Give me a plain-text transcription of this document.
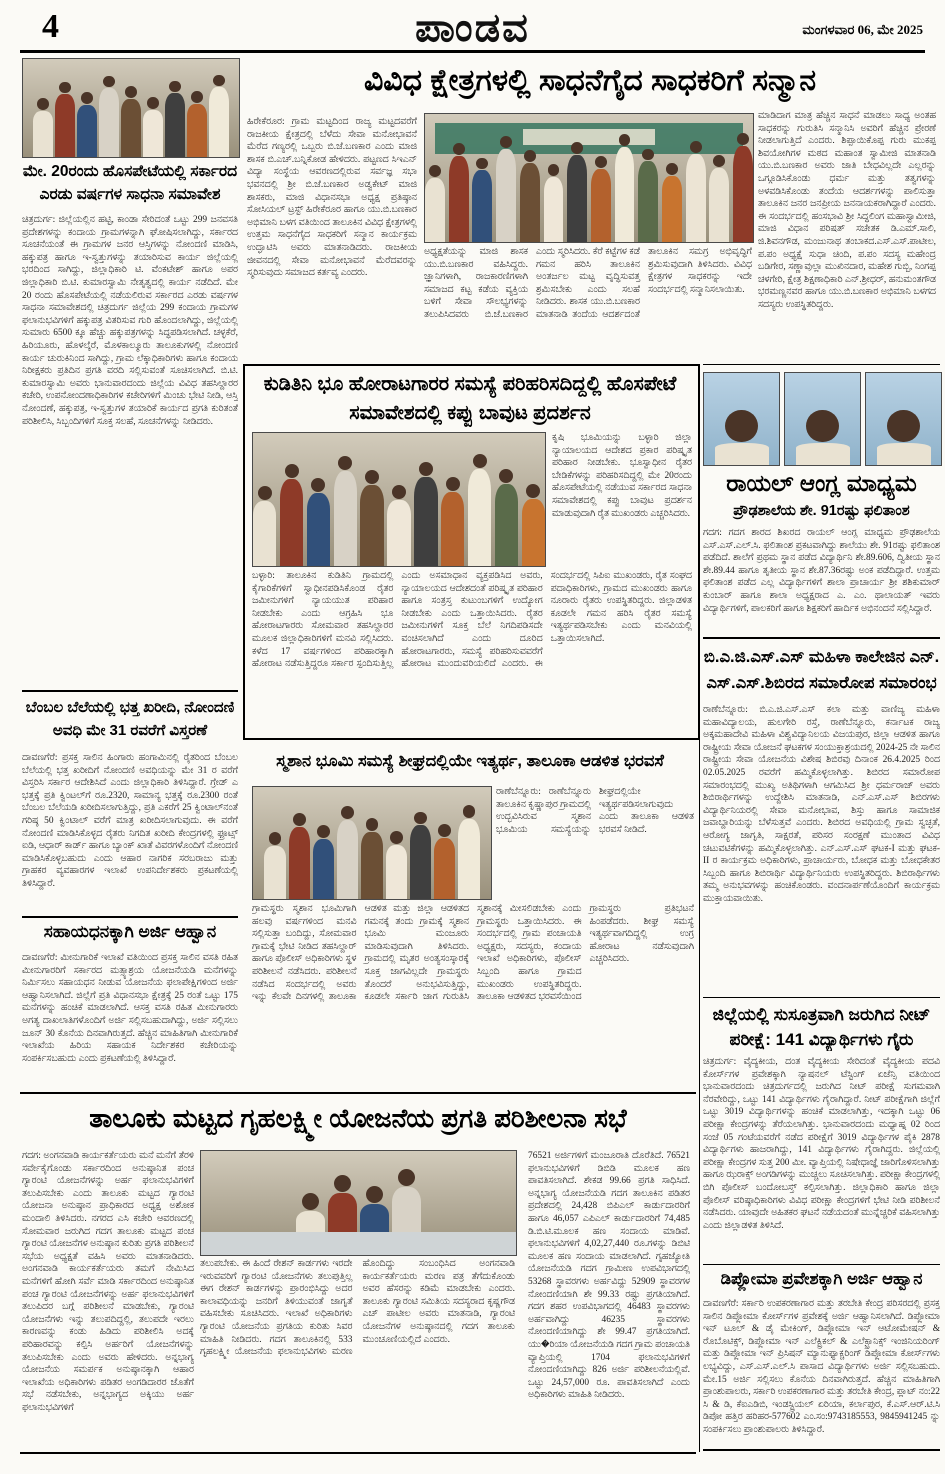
4	ಪಾಂಡವ	ಮಂಗಳವಾರ 06, ಮೇ 2025
ಮೇ. 20ರಂದು ಹೊಸಪೇಟೆಯಲ್ಲಿ ಸರ್ಕಾರದ ಎರಡು ವರ್ಷಗಳ ಸಾಧನಾ ಸಮಾವೇಶ
ಚಿತ್ರದುರ್ಗ: ಜಿಲ್ಲೆಯಲ್ಲಿನ ಹಟ್ಟಿ, ಕಾಂಡಾ ಸೇರಿದಂತೆ ಒಟ್ಟು 299 ಜನವಸತಿ ಪ್ರದೇಶಗಳನ್ನು ಕಂದಾಯ ಗ್ರಾಮಗಳನ್ನಾಗಿ ಘೋಷಿಸಲಾಗಿದ್ದು, ಸರ್ಕಾರದ ಸೂಚನೆಯಂತೆ ಈ ಗ್ರಾಮಗಳ ಜನರ ಆಸ್ತಿಗಳನ್ನು ನೋಂದಣಿ ಮಾಡಿಸಿ, ಹಕ್ಕುಪತ್ರ ಹಾಗೂ ಇ-ಸ್ವತ್ತುಗಳನ್ನು ತಯಾರಿಸುವ ಕಾರ್ಯ ಜಿಲ್ಲೆಯಲ್ಲಿ ಭರದಿಂದ ಸಾಗಿದ್ದು, ಜಿಲ್ಲಾಧಿಕಾರಿ ಟಿ. ವೆಂಕಟೇಶ್ ಹಾಗೂ ಅಪರ ಜಿಲ್ಲಾಧಿಕಾರಿ ಬಿ.ಟಿ. ಕುಮಾರಸ್ವಾಮಿ ನೇತೃತ್ವದಲ್ಲಿ ಕಾರ್ಯ ನಡೆದಿದೆ. ಮೇ 20 ರಂದು ಹೊಸಪೇಟೆಯಲ್ಲಿ ನಡೆಯಲಿರುವ ಸರ್ಕಾರದ ಎರಡು ವರ್ಷಗಳ ಸಾಧನಾ ಸಮಾವೇಶದಲ್ಲಿ ಚಿತ್ರದುರ್ಗ ಜಿಲ್ಲೆಯ 299 ಕಂದಾಯ ಗ್ರಾಮಗಳ ಫಲಾನುಭವಿಗಳಿಗೆ ಹಕ್ಕುಪತ್ರ ವಿತರಿಸುವ ಗುರಿ ಹೊಂದಲಾಗಿದ್ದು, ಜಿಲ್ಲೆಯಲ್ಲಿ ಸುಮಾರು 6500 ಕ್ಕೂ ಹೆಚ್ಚು ಹಕ್ಕುಪತ್ರಗಳನ್ನು ಸಿದ್ಧಪಡಿಸಲಾಗಿದೆ. ಚಳ್ಳಕೆರೆ, ಹಿರಿಯೂರು, ಹೊಳಲ್ಕೆರೆ, ಮೊಳಕಾಲ್ಮೂರು ತಾಲೂಕುಗಳಲ್ಲಿ ನೋಂದಣಿ ಕಾರ್ಯ ಚುರುಕಿನಿಂದ ಸಾಗಿದ್ದು, ಗ್ರಾಮ ಲೆಕ್ಕಾಧಿಕಾರಿಗಳು ಹಾಗೂ ಕಂದಾಯ ನಿರೀಕ್ಷಕರು ಪ್ರತಿದಿನ ಪ್ರಗತಿ ವರದಿ ಸಲ್ಲಿಸುವಂತೆ ಸೂಚಿಸಲಾಗಿದೆ. ಬಿ.ಟಿ. ಕುಮಾರಸ್ವಾಮಿ ಅವರು ಭಾನುವಾರದಂದು ಜಿಲ್ಲೆಯ ವಿವಿಧ ತಹಸಿಲ್ದಾರರ ಕಚೇರಿ, ಉಪನೋಂದಣಾಧಿಕಾರಿಗಳ ಕಚೇರಿಗಳಿಗೆ ಮಿಂಚು ಭೇಟಿ ನೀಡಿ, ಆಸ್ತಿ ನೋಂದಣೆ, ಹಕ್ಕುಪತ್ರ, ಇ-ಸ್ವತ್ತುಗಳ ತಯಾರಿಕೆ ಕಾರ್ಯದ ಪ್ರಗತಿ ಕುರಿತಂತೆ ಪರಿಶೀಲಿಸಿ, ಸಿಬ್ಬಂದಿಗಳಿಗೆ ಸೂಕ್ತ ಸಲಹೆ, ಸೂಚನೆಗಳನ್ನು ನೀಡಿದರು.
ಬೆಂಬಲ ಬೆಲೆಯಲ್ಲಿ ಭತ್ತ ಖರೀದಿ, ನೋಂದಣಿ ಅವಧಿ ಮೇ 31 ರವರೆಗೆ ವಿಸ್ತರಣೆ
ದಾವಣಗೆರೆ: ಪ್ರಸಕ್ತ ಸಾಲಿನ ಹಿಂಗಾರು ಹಂಗಾಮಿನಲ್ಲಿ ರೈತರಿಂದ ಬೆಂಬಲ ಬೆಲೆಯಲ್ಲಿ ಭತ್ತ ಖರೀದಿಗೆ ನೋಂದಣಿ ಅವಧಿಯನ್ನು ಮೇ 31 ರ ವರೆಗೆ ವಿಸ್ತರಿಸಿ ಸರ್ಕಾರ ಆದೇಶಿಸಿದೆ ಎಂದು ಜಿಲ್ಲಾಧಿಕಾರಿ ತಿಳಿಸಿದ್ದಾರೆ. ಗ್ರೇಡ್ ಎ ಭತ್ತಕ್ಕೆ ಪ್ರತಿ ಕ್ವಿಂಟಲ್‌ಗೆ ರೂ.2320, ಸಾಮಾನ್ಯ ಭತ್ತಕ್ಕೆ ರೂ.2300 ರಂತೆ ಬೆಂಬಲ ಬೆಲೆಯಡಿ ಖರೀದಿಸಲಾಗುತ್ತಿದ್ದು, ಪ್ರತಿ ಎಕರೆಗೆ 25 ಕ್ವಿಂಟಾಲ್‌ನಂತೆ ಗರಿಷ್ಠ 50 ಕ್ವಿಂಟಾಲ್ ವರೆಗೆ ಮಾತ್ರ ಖರೀದಿಸಲಾಗುವುದು. ಈ ವರೆಗೆ ನೋಂದಣಿ ಮಾಡಿಸಿಕೊಳ್ಳದ ರೈತರು ನಿಗದಿತ ಖರೀದಿ ಕೇಂದ್ರಗಳಲ್ಲಿ ಫ್ರೂಟ್ಸ್ ಐಡಿ, ಆಧಾರ್ ಕಾರ್ಡ್ ಹಾಗೂ ಬ್ಯಾಂಕ್ ಖಾತೆ ವಿವರಗಳೊಂದಿಗೆ ನೋಂದಣಿ ಮಾಡಿಸಿಕೊಳ್ಳಬಹುದು ಎಂದು ಆಹಾರ ನಾಗರಿಕ ಸರಬರಾಜು ಮತ್ತು ಗ್ರಾಹಕರ ವ್ಯವಹಾರಗಳ ಇಲಾಖೆ ಉಪನಿರ್ದೇಶಕರು ಪ್ರಕಟಣೆಯಲ್ಲಿ ತಿಳಿಸಿದ್ದಾರೆ.
ಸಹಾಯಧನಕ್ಕಾಗಿ ಅರ್ಜಿ ಆಹ್ವಾನ
ದಾವಣಗೆರೆ: ಮೀನುಗಾರಿಕೆ ಇಲಾಖೆ ವತಿಯಿಂದ ಪ್ರಸಕ್ತ ಸಾಲಿನ ವಸತಿ ರಹಿತ ಮೀನುಗಾರರಿಗೆ ಸರ್ಕಾರದ ಮತ್ಸ್ಯಾಶ್ರಯ ಯೋಜನೆಯಡಿ ಮನೆಗಳನ್ನು ನಿರ್ಮಿಸಲು ಸಹಾಯಧನ ನೀಡುವ ಯೋಜನೆಯ ಫಲಾಪೇಕ್ಷಿಗಳಿಂದ ಅರ್ಜಿ ಆಹ್ವಾನಿಸಲಾಗಿದೆ. ಜಿಲ್ಲೆಗೆ ಪ್ರತಿ ವಿಧಾನಸಭಾ ಕ್ಷೇತ್ರಕ್ಕೆ 25 ರಂತೆ ಒಟ್ಟು 175 ಮನೆಗಳನ್ನು ಹಂಚಿಕೆ ಮಾಡಲಾಗಿದೆ. ಆಸಕ್ತ ವಸತಿ ರಹಿತ ಮೀನುಗಾರರು ಅಗತ್ಯ ದಾಖಲಾತಿಗಳೊಂದಿಗೆ ಅರ್ಜಿ ಸಲ್ಲಿಸಬಹುದಾಗಿದ್ದು, ಅರ್ಜಿ ಸಲ್ಲಿಸಲು ಜೂನ್ 30 ಕೊನೆಯ ದಿನವಾಗಿರುತ್ತದೆ. ಹೆಚ್ಚಿನ ಮಾಹಿತಿಗಾಗಿ ಮೀನುಗಾರಿಕೆ ಇಲಾಖೆಯ ಹಿರಿಯ ಸಹಾಯಕ ನಿರ್ದೇಶಕರ ಕಚೇರಿಯನ್ನು ಸಂಪರ್ಕಿಸಬಹುದು ಎಂದು ಪ್ರಕಟಣೆಯಲ್ಲಿ ತಿಳಿಸಿದ್ದಾರೆ.
ವಿವಿಧ ಕ್ಷೇತ್ರಗಳಲ್ಲಿ ಸಾಧನೆಗೈದ ಸಾಧಕರಿಗೆ ಸನ್ಮಾನ
ಹಿರೇಕೆರೂರ: ಗ್ರಾಮ ಮಟ್ಟದಿಂದ ರಾಜ್ಯ ಮಟ್ಟದವರೆಗೆ ರಾಜಕೀಯ ಕ್ಷೇತ್ರದಲ್ಲಿ ಬೆಳೆದು ಸೇವಾ ಮನೋಭಾವನೆ ಮೆರೆದ ಗಣ್ಯರಲ್ಲಿ ಒಬ್ಬರು ಬಿ.ಜೆ.ಬಣಕಾರ ಎಂದು ಮಾಜಿ ಶಾಸಕ ಬಿ.ಎಚ್.ಬನ್ನಿಕೋಡ ಹೇಳಿದರು. ಪಟ್ಟಣದ ಸಿಇಎನ್ ವಿದ್ಯಾ ಸಂಸ್ಥೆಯ ಆವರಣದಲ್ಲಿರುವ ಸರ್ವಜ್ಞ ಸಭಾ ಭವನದಲ್ಲಿ ಶ್ರೀ ಬಿ.ಜೆ.ಬಣಕಾರ ಅಡ್ವಕೇಟ್ ಮಾಜಿ ಶಾಸಕರು, ಮಾಜಿ ವಿಧಾನಸಭಾ ಅಧ್ಯಕ್ಷ ಪ್ರತಿಷ್ಠಾನ ಸೋಸಿಯಲ್ ಟ್ರಸ್ಟ್ ಹಿರೇಕೆರೂರ ಹಾಗೂ ಯು.ಬಿ.ಬಣಕಾರ ಅಭಿಮಾನಿ ಬಳಗ ವತಿಯಿಂದ ತಾಲೂಕಿನ ವಿವಿಧ ಕ್ಷೇತ್ರಗಳಲ್ಲಿ ಉತ್ತಮ ಸಾಧನೆಗೈದ ಸಾಧಕರಿಗೆ ಸನ್ಮಾನ ಕಾರ್ಯಕ್ರಮ ಉದ್ಘಾಟಿಸಿ ಅವರು ಮಾತನಾಡಿದರು. ರಾಜಕೀಯ ಜೀವನದಲ್ಲಿ ಸೇವಾ ಮನೋಭಾವನೆ ಮೆರೆದವರನ್ನು ಸ್ಮರಿಸುವುದು ಸಮಾಜದ ಕರ್ತವ್ಯ ಎಂದರು.
ಅಧ್ಯಕ್ಷತೆಯನ್ನು ಮಾಜಿ ಶಾಸಕ ಯು.ಬಿ.ಬಣಕಾರ ವಹಿಸಿದ್ದರು. ಜ್ಞಾನಿಗಳಾಗಿ, ರಾಜಕಾರಣಿಗಳಾಗಿ ಸಮಾಜದ ಕಟ್ಟ ಕಡೆಯ ವ್ಯಕ್ತಿಯ ಬಳಿಗೆ ಸೇವಾ ಸೌಲಭ್ಯಗಳನ್ನು ತಲುಪಿಸಿದವರು ಬಿ.ಜೆ.ಬಣಕಾರ ಎಂದು ಸ್ಮರಿಸಿದರು. ಕೆರೆ ಕಟ್ಟೆಗಳ ಕಡೆ ಗಮನ ಹರಿಸಿ ತಾಲೂಕಿನ ಅಂತರ್ಜಲ ಮಟ್ಟ ವೃದ್ಧಿಸುವತ್ತ ಶ್ರಮಿಸಬೇಕು ಎಂದು ಸಲಹೆ ನೀಡಿದರು. ಶಾಸಕ ಯು.ಬಿ.ಬಣಕಾರ ಮಾತನಾಡಿ ತಂದೆಯ ಆದರ್ಶದಂತೆ ತಾಲೂಕಿನ ಸಮಗ್ರ ಅಭಿವೃದ್ಧಿಗೆ ಶ್ರಮಿಸುವುದಾಗಿ ತಿಳಿಸಿದರು. ವಿವಿಧ ಕ್ಷೇತ್ರಗಳ ಸಾಧಕರನ್ನು ಇದೇ ಸಂದರ್ಭದಲ್ಲಿ ಸನ್ಮಾನಿಸಲಾಯಿತು.
ಮಾಡಿದಾಗ ಮಾತ್ರ ಹೆಚ್ಚಿನ ಸಾಧನೆ ಮಾಡಲು ಸಾಧ್ಯ ಅಂತಹ ಸಾಧಕರನ್ನು ಗುರುತಿಸಿ ಸನ್ಮಾನಿಸಿ ಅವರಿಗೆ ಹೆಚ್ಚಿನ ಪ್ರೇರಣೆ ನೀಡಲಾಗುತ್ತಿದೆ ಎಂದರು. ಶಿಪ್ಪಾಯಿಕೊಪ್ಪ ಗುರು ಮುಕಪ್ಪ ಶಿವಯೋಗಿಗಳ ಮಠದ ಮಹಾಂತ ಸ್ವಾಮೀಜಿ ಮಾತನಾಡಿ ಯು.ಬಿ.ಬಣಕಾರ ಅವರು ಜಾತಿ ಬೇಧವಿಲ್ಲದೇ ಎಲ್ಲರನ್ನು ಒಗ್ಗೂಡಿಸಿಕೊಂಡು ಧರ್ಮ ಮತ್ತು ತತ್ವಗಳನ್ನು ಅಳವಡಿಸಿಕೊಂಡು ತಂದೆಯ ಆದರ್ಶಗಳನ್ನು ಪಾಲಿಸುತ್ತಾ ತಾಲೂಕಿನ ಜನರ ಜನಪ್ರೀಯ ಜನನಾಯಕರಾಗಿದ್ದಾರೆ ಎಂದರು. ಈ ಸಂದರ್ಭದಲ್ಲಿ ಹಂಸಭಾವಿ ಶ್ರೀ ಸಿದ್ಧಲಿಂಗ ಮಹಾಸ್ವಾಮೀಜಿ, ಮಾಜಿ ವಿಧಾನ ಪರಿಷತ್ ಸಚೇತಕ ಡಿ.ಎಮ್.ಸಾಲಿ, ಜಿ.ಶಿವನಗೌಡ, ಮಂಜುನಾಥ ತಂಬಾಕದ.ಎಸ್.ಎಸ್.ಪಾಟೀಲ, ಪ.ಪಂ ಅಧ್ಯಕ್ಷೆ ಸುಧಾ ಚಿಂದಿ, ಪ.ಪಂ ಸದಸ್ಯ ಮಹೇಂದ್ರ ಬಡಿಗೇರ, ಸಣ್ಣಾವುಲ್ಲಾ ಮುಖಿನದಾರ, ಮಹೇಶ ಗುಬ್ಬಿ, ನಿಂಗಪ್ಪ ಚಳಗೇರಿ, ಕ್ಷೇತ್ರ ಶಿಕ್ಷಣಾಧಿಕಾರಿ ಎನ್.ಶ್ರೀಧರ್, ಹನುಮಂತಗೌಡ ಭರಮಣ್ಣನವರ ಹಾಗೂ ಯು.ಬಿ.ಬಣಕಾರ ಅಭಿಮಾನಿ ಬಳಗದ ಸದಸ್ಯರು ಉಪಸ್ಥಿತರಿದ್ದರು.
ಕುಡಿತಿನಿ ಭೂ ಹೋರಾಟಗಾರರ ಸಮಸ್ಯೆ ಪರಿಹರಿಸದಿದ್ದಲ್ಲಿ ಹೊಸಪೇಟೆ ಸಮಾವೇಶದಲ್ಲಿ ಕಪ್ಪು ಬಾವುಟ ಪ್ರದರ್ಶನ
ಕೃಷಿ ಭೂಮಿಯನ್ನು ಬಳ್ಳಾರಿ ಜಿಲ್ಲಾ ನ್ಯಾಯಾಲಯದ ಆದೇಶದ ಪ್ರಕಾರ ಪರಿಷ್ಕೃತ ಪರಿಹಾರ ನೀಡಬೇಕು. ಭೂಸ್ವಾಧೀನ ರೈತರ ಬೇಡಿಕೆಗಳನ್ನು ಪರಿಹರಿಸದಿದ್ದಲ್ಲಿ ಮೇ 20ರಂದು ಹೊಸಪೇಟೆಯಲ್ಲಿ ನಡೆಯುವ ಸರ್ಕಾರದ ಸಾಧನಾ ಸಮಾವೇಶದಲ್ಲಿ ಕಪ್ಪು ಬಾವುಟ ಪ್ರದರ್ಶನ ಮಾಡುವುದಾಗಿ ರೈತ ಮುಖಂಡರು ಎಚ್ಚರಿಸಿದರು.
ಬಳ್ಳಾರಿ: ತಾಲೂಕಿನ ಕುಡಿತಿನಿ ಗ್ರಾಮದಲ್ಲಿ ಕೈಗಾರಿಕೆಗಳಿಗೆ ಸ್ವಾಧೀನಪಡಿಸಿಕೊಂಡ ರೈತರ ಜಮೀನುಗಳಿಗೆ ನ್ಯಾಯಯುತ ಪರಿಹಾರ ನೀಡಬೇಕು ಎಂದು ಆಗ್ರಹಿಸಿ ಭೂ ಹೋರಾಟಗಾರರು ಸೋಮವಾರ ತಹಸಿಲ್ದಾರರ ಮೂಲಕ ಜಿಲ್ಲಾಧಿಕಾರಿಗಳಿಗೆ ಮನವಿ ಸಲ್ಲಿಸಿದರು. ಕಳೆದ 17 ವರ್ಷಗಳಿಂದ ಪರಿಹಾರಕ್ಕಾಗಿ ಹೋರಾಟ ನಡೆಸುತ್ತಿದ್ದರೂ ಸರ್ಕಾರ ಸ್ಪಂದಿಸುತ್ತಿಲ್ಲ ಎಂದು ಅಸಮಾಧಾನ ವ್ಯಕ್ತಪಡಿಸಿದ ಅವರು, ನ್ಯಾಯಾಲಯದ ಆದೇಶದಂತೆ ಪರಿಷ್ಕೃತ ಪರಿಹಾರ ಹಾಗೂ ಸಂತ್ರಸ್ತ ಕುಟುಂಬಗಳಿಗೆ ಉದ್ಯೋಗ ನೀಡಬೇಕು ಎಂದು ಒತ್ತಾಯಿಸಿದರು. ರೈತರ ಜಮೀನುಗಳಿಗೆ ಸೂಕ್ತ ಬೆಲೆ ನಿಗದಿಪಡಿಸದೇ ವಂಚಿಸಲಾಗಿದೆ ಎಂದು ದೂರಿದ ಹೋರಾಟಗಾರರು, ಸಮಸ್ಯೆ ಪರಿಹರಿಸುವವರೆಗೆ ಹೋರಾಟ ಮುಂದುವರಿಯಲಿದೆ ಎಂದರು. ಈ ಸಂದರ್ಭದಲ್ಲಿ ಸಿಪಿಐ ಮುಖಂಡರು, ರೈತ ಸಂಘದ ಪದಾಧಿಕಾರಿಗಳು, ಗ್ರಾಮದ ಮುಖಂಡರು ಹಾಗೂ ನೂರಾರು ರೈತರು ಉಪಸ್ಥಿತರಿದ್ದರು. ಜಿಲ್ಲಾಡಳಿತ ಕೂಡಲೇ ಗಮನ ಹರಿಸಿ ರೈತರ ಸಮಸ್ಯೆ ಇತ್ಯರ್ಥಪಡಿಸಬೇಕು ಎಂದು ಮನವಿಯಲ್ಲಿ ಒತ್ತಾಯಿಸಲಾಗಿದೆ.
ಸ್ಮಶಾನ ಭೂಮಿ ಸಮಸ್ಯೆ ಶೀಘ್ರದಲ್ಲಿಯೇ ಇತ್ಯರ್ಥ, ತಾಲೂಕಾ ಆಡಳಿತ ಭರವಸೆ
ರಾಣೆಬೆನ್ನೂರು: ರಾಣೆಬೆನ್ನೂರು ತಾಲೂಕಿನ ಕೃಷ್ಣಾಪುರ ಗ್ರಾಮದಲ್ಲಿ ಉದ್ಭವಿಸಿರುವ ಸ್ಮಶಾನ ಭೂಮಿಯ ಸಮಸ್ಯೆಯನ್ನು ಶೀಘ್ರದಲ್ಲಿಯೇ ಇತ್ಯರ್ಥಪಡಿಸಲಾಗುವುದು ಎಂದು ತಾಲೂಕಾ ಆಡಳಿತ ಭರವಸೆ ನೀಡಿದೆ.
ಗ್ರಾಮಸ್ಥರು ಸ್ಮಶಾನ ಭೂಮಿಗಾಗಿ ಹಲವು ವರ್ಷಗಳಿಂದ ಮನವಿ ಸಲ್ಲಿಸುತ್ತಾ ಬಂದಿದ್ದು, ಸೋಮವಾರ ಗ್ರಾಮಕ್ಕೆ ಭೇಟಿ ನೀಡಿದ ತಹಸಿಲ್ದಾರ್ ಹಾಗೂ ಪೊಲೀಸ್ ಅಧಿಕಾರಿಗಳು ಸ್ಥಳ ಪರಿಶೀಲನೆ ನಡೆಸಿದರು. ಪರಿಶೀಲನೆ ನಡೆಸಿದ ಸಂದರ್ಭದಲ್ಲಿ ಅವರು ಇನ್ನು ಕೆಲವೇ ದಿನಗಳಲ್ಲಿ ತಾಲೂಕಾ ಆಡಳಿತ ಮತ್ತು ಜಿಲ್ಲಾ ಆಡಳಿತದ ಗಮನಕ್ಕೆ ತಂದು ಗ್ರಾಮಕ್ಕೆ ಸ್ಮಶಾನ ಭೂಮಿ ಮಂಜೂರು ಮಾಡಿಸುವುದಾಗಿ ತಿಳಿಸಿದರು. ಗ್ರಾಮದಲ್ಲಿ ಮೃತರ ಅಂತ್ಯಸಂಸ್ಕಾರಕ್ಕೆ ಸೂಕ್ತ ಜಾಗವಿಲ್ಲದೇ ಗ್ರಾಮಸ್ಥರು ತೊಂದರೆ ಅನುಭವಿಸುತ್ತಿದ್ದು, ಕೂಡಲೇ ಸರ್ಕಾರಿ ಜಾಗ ಗುರುತಿಸಿ ಸ್ಮಶಾನಕ್ಕೆ ಮೀಸಲಿಡಬೇಕು ಎಂದು ಗ್ರಾಮಸ್ಥರು ಒತ್ತಾಯಿಸಿದರು. ಈ ಸಂದರ್ಭದಲ್ಲಿ ಗ್ರಾಮ ಪಂಚಾಯತಿ ಅಧ್ಯಕ್ಷರು, ಸದಸ್ಯರು, ಕಂದಾಯ ಇಲಾಖೆ ಅಧಿಕಾರಿಗಳು, ಪೊಲೀಸ್ ಸಿಬ್ಬಂದಿ ಹಾಗೂ ಗ್ರಾಮದ ಮುಖಂಡರು ಉಪಸ್ಥಿತರಿದ್ದರು. ತಾಲೂಕಾ ಆಡಳಿತದ ಭರವಸೆಯಿಂದ ಗ್ರಾಮಸ್ಥರು ಪ್ರತಿಭಟನೆ ಹಿಂಪಡೆದರು. ಶೀಘ್ರ ಸಮಸ್ಯೆ ಇತ್ಯರ್ಥವಾಗದಿದ್ದಲ್ಲಿ ಉಗ್ರ ಹೋರಾಟ ನಡೆಸುವುದಾಗಿ ಎಚ್ಚರಿಸಿದರು.
ತಾಲೂಕು ಮಟ್ಟದ ಗೃಹಲಕ್ಷ್ಮೀ ಯೋಜನೆಯ ಪ್ರಗತಿ ಪರಿಶೀಲನಾ ಸಭೆ
ಗದಗ: ಅಂಗನವಾಡಿ ಕಾರ್ಯಕರ್ತೆಯರು ಮನೆ ಮನೆಗೆ ತೆರಳಿ ಸರ್ವೇಕೈಗೊಂಡು ಸರ್ಕಾರದಿಂದ ಅನುಷ್ಠಾನಿತ ಪಂಚ ಗ್ಯಾರಂಟಿ ಯೋಜನೆಗಳನ್ನು ಅರ್ಹ ಫಲಾನುಭವಿಗಳಿಗೆ ತಲುಪಿಸಬೇಕು ಎಂದು ತಾಲೂಕು ಮಟ್ಟದ ಗ್ಯಾರಂಟಿ ಯೋಜನಾ ಅನುಷ್ಠಾನ ಪ್ರಾಧಿಕಾರದ ಅಧ್ಯಕ್ಷ ಅಶೋಕ ಮಂದಾಲಿ ತಿಳಿಸಿದರು. ನಗರದ ಎಸಿ ಕಚೇರಿ ಆವರಣದಲ್ಲಿ ಸೋಮವಾರ ಜರುಗಿದ ಗದಗ ತಾಲೂಕು ಮಟ್ಟದ ಪಂಚ ಗ್ಯಾರಂಟಿ ಯೋಜನೆಗಳ ಅನುಷ್ಠಾನ ಕುರಿತು ಪ್ರಗತಿ ಪರಿಶೀಲನೆ ಸಭೆಯ ಅಧ್ಯಕ್ಷತೆ ವಹಿಸಿ ಅವರು ಮಾತನಾಡಿದರು. ಅಂಗನವಾಡಿ ಕಾರ್ಯಕರ್ತೆಯರು ತಮಗೆ ನೇಮಿಸಿದ ಮನೆಗಳಿಗೆ ಹೋಗಿ ಸರ್ವೆ ಮಾಡಿ ಸರ್ಕಾರದಿಂದ ಅನುಷ್ಠಾನಿತ ಪಂಚ ಗ್ಯಾರಂಟಿ ಯೋಜನೆಗಳನ್ನು ಅರ್ಹ ಫಲಾನುಭವಿಗಳಿಗೆ ತಲುಪಿದರ ಬಗ್ಗೆ ಪರಿಶೀಲನೆ ಮಾಡಬೇಕು, ಗ್ಯಾರಂಟಿ ಯೋಜನೆಗಳು ಇನ್ನು ತಲುಪದಿದ್ದಲ್ಲಿ, ತಲುಪದೇ ಇರಲು ಕಾರಣವನ್ನು ಕಂಡು ಹಿಡಿದು ಪರಿಶೀಲಿಸಿ ಅದಕ್ಕೆ ಪರಿಹಾರವನ್ನು ಕಲ್ಪಿಸಿ ಅರ್ಹರಿಗೆ ಯೋಜನೆಗಳನ್ನು ತಲುಪಿಸಬೇಕು ಎಂದು ಅವರು ಹೇಳಿದರು. ಅನ್ನಭಾಗ್ಯ ಯೋಜನೆಯ ಸಮರ್ಪಕ ಅನುಷ್ಠಾನಕ್ಕಾಗಿ ಆಹಾರ ಇಲಾಖೆಯ ಅಧಿಕಾರಿಗಳು ಪಡಿತರ ಅಂಗಡಿದಾರರ ಜೊತೆಗೆ ಸಭೆ ನಡೆಸಬೇಕು, ಅನ್ನಭಾಗ್ಯದ ಅಕ್ಕಿಯು ಅರ್ಹ ಫಲಾನುಭವಿಗಳಿಗೆ
ತಲುಪಬೇಕು. ಈ ಹಿಂದೆ ರೇಶನ್ ಕಾರ್ಡಗಳು ಇರದೇ ಇರುವವರಿಗೆ ಗ್ಯಾರಂಟಿ ಯೋಜನೆಗಳು ತಲುಪುತ್ತಿಲ್ಲ ಈಗ ರೇಶನ್ ಕಾರ್ಡಗಳನ್ನು ಪ್ರಾರಂಭಿಸಿದ್ದು ಅದರ ಕಾಲಾವಧಿಯನ್ನು ಜನರಿಗೆ ತಿಳಿಯುವಂತೆ ಜಾಗೃತೆ ವಹಿಸಬೇಕು ಸೂಚಿಸಿದರು. ಇಲಾಖೆ ಅಧಿಕಾರಿಗಳು ಗ್ಯಾರಂಟಿ ಯೋಜನೆಯ ಪ್ರಗತಿಯ ಕುರಿತು ಸಿವರ ಮಾಹಿತಿ ನೀಡಿದರು. ಗದಗ ತಾಲೂಕಿನಲ್ಲಿ 533 ಗೃಹಲಕ್ಷ್ಮೀ ಯೋಜನೆಯ ಫಲಾನುಭವಿಗಳು ಮರಣ ಹೊಂದಿದ್ದು ಸಂಬಂಧಿಸಿದ ಅಂಗನವಾಡಿ ಕಾರ್ಯಕರ್ತೆಯರು ಮರಣ ಪತ್ರ ತೆಗೆದುಕೊಂಡು ಅವರ ಹೆಸರನ್ನು ಕಡಿಮೆ ಮಾಡಬೇಕು ಎಂದರು. ತಾಲೂಕು ಗ್ಯಾರಂಟಿ ಸಮಿತಿಯ ಸದಸ್ಯರಾದ ಕೃಷ್ಣಗೌಡ ಎಚ್ ಪಾಟೀಲ ಅವರು ಮಾತನಾಡಿ, ಗ್ಯಾರಂಟಿ ಯೋಜನೆಗಳ ಅನುಷ್ಠಾನದಲ್ಲಿ ಗದಗ ತಾಲೂಕು ಮುಂಚೂಣಿಯಲ್ಲಿದೆ ಎಂದರು.
76521 ಅರ್ಜಿಗಳಿಗೆ ಮಂಜೂರಾತಿ ದೊರೆತಿದೆ. 76521 ಫಲಾನುಭವಿಗಳಿಗೆ ಡಿಬಿಡಿ ಮೂಲಕ ಹಣ ಪಾವತಿಸಲಾಗಿದೆ. ಶೇಕಡ 99.66 ಪ್ರಗತಿ ಸಾಧಿಸಿದೆ. ಅನ್ನಭಾಗ್ಯ ಯೋಜನೆಯಡಿ ಗದಗ ತಾಲೂಕಿನ ಪಡಿತರ ಪ್ರದೇಶದಲ್ಲಿ 24,428 ಬಿಪಿಎಲ್ ಕಾರ್ಡುದಾರರಿಗೆ ಹಾಗೂ 46,057 ಎಪಿಎಲ್ ಕಾರ್ಡುದಾರರಿಗೆ 74,485 ಡಿ.ಬಿ.ಟಿ.ಮೂಲಕ ಹಣ ಸಂದಾಯ ಮಾಡಿವೆ. ಫಲಾನುಭವಿಗಳಿಗೆ 4,02,27,440 ರೂ.ಗಳನ್ನು ಡಿಬಿಟಿ ಮೂಲಕ ಹಣ ಸಂದಾಯ ಮಾಡಲಾಗಿದೆ. ಗೃಹಜ್ಯೋತಿ ಯೋಜನೆಯಡಿ ಗದಗ ಗ್ರಾಮೀಣ ಉಪವಿಭಾಗದಲ್ಲಿ 53268 ಸ್ಥಾವರಗಳು ಅರ್ಹವಿದ್ದು 52909 ಸ್ಥಾವರಗಳ ನೋಂದಣಿಯಾಗಿ ಶೇ 99.33 ರಷ್ಟು ಪ್ರಗತಿಯಾಗಿದೆ. ಗದಗ ಶಹರ ಉಪವಿಭಾಗದಲ್ಲಿ 46483 ಸ್ಥಾವರಗಳು ಅರ್ಹವಾಗಿದ್ದು 46235 ಸ್ಥಾವರಗಳು ನೋಂದಣಿಯಾಗಿದ್ದು ಶೇ 99.47 ಪ್ರಗತಿಯಾಗಿದೆ. ಯು�ರಿಯಾ ಯೋಜನೆಯಡಿ ಗದಗ ಗ್ರಾಮ ಪಂಚಾಯತಿ ವ್ಯಾಪ್ತಿಯಲ್ಲಿ 1704 ಫಲಾನುಭವಿಗಳಿಗೆ ನೋಂದಣಿಯಾಗಿದ್ದು 826 ಅರ್ಜಿ ಪರಿಶೀಲನೆಯಲ್ಲಿವೆ. ಒಟ್ಟು 24,57,000 ರೂ. ಪಾವತಿಸಲಾಗಿದೆ ಎಂದು ಅಧಿಕಾರಿಗಳು ಮಾಹಿತಿ ನೀಡಿದರು.
ರಾಯಲ್ ಆಂಗ್ಲ ಮಾಧ್ಯಮ
ಪ್ರೌಢಶಾಲೆಯ ಶೇ. 91ರಷ್ಟು ಫಲಿತಾಂಶ
ಗದಗ: ಗದಗ ಶಾರದ ಶಿಖರದ ರಾಯಲ್ ಆಂಗ್ಲ ಮಾಧ್ಯಮ ಪ್ರೌಢಶಾಲೆಯ ಎಸ್.ಎಸ್.ಎಲ್.ಸಿ. ಫಲಿತಾಂಶ ಪ್ರಕಟವಾಗಿದ್ದು ಶಾಲೆಯು ಶೇ. 91ರಷ್ಟು ಫಲಿತಾಂಶ ಪಡೆದಿದೆ. ಶಾಲೆಗೆ ಪ್ರಥಮ ಸ್ಥಾನ ಪಡೆದ ವಿದ್ಯಾರ್ಥಿನಿ ಶೇ.89.606, ದ್ವಿತೀಯ ಸ್ಥಾನ ಶೇ.89.44 ಹಾಗೂ ತೃತೀಯ ಸ್ಥಾನ ಶೇ.87.36ರಷ್ಟು ಅಂಕ ಪಡೆದಿದ್ದಾರೆ. ಉತ್ತಮ ಫಲಿತಾಂಶ ಪಡೆದ ಎಲ್ಲ ವಿದ್ಯಾರ್ಥಿಗಳಿಗೆ ಶಾಲಾ ಪ್ರಾಚಾರ್ಯ ಶ್ರೀ ಶಶಿಕುಮಾರ್ ಕುಂಬಾರ್ ಹಾಗೂ ಶಾಲಾ ಅಧ್ಯಕ್ಷರಾದ ಎ. ಎಂ. ಥಾಲಾಯತ್ ಇವರು ವಿದ್ಯಾರ್ಥಿಗಳಿಗೆ, ಪಾಲಕರಿಗೆ ಹಾಗೂ ಶಿಕ್ಷಕರಿಗೆ ಹಾರ್ದಿಕ ಅಭಿನಂದನೆ ಸಲ್ಲಿಸಿದ್ದಾರೆ.
ಬಿ.ಎ.ಜಿ.ಎಸ್.ಎಸ್ ಮಹಿಳಾ ಕಾಲೇಜಿನ ಎನ್. ಎಸ್.ಎಸ್.ಶಿಬಿರದ ಸಮಾರೋಪ ಸಮಾರಂಭ
ರಾಣೆಬೆನ್ನೂರು: ಬಿ.ಎ.ಜಿ.ಎಸ್.ಎಸ್ ಕಲಾ ಮತ್ತು ವಾಣಿಜ್ಯ ಮಹಿಳಾ ಮಹಾವಿದ್ಯಾಲಯ, ಹುಲಗೇರಿ ರಸ್ತೆ, ರಾಣೆಬೆನ್ನೂರು, ಕರ್ನಾಟಕ ರಾಜ್ಯ ಅಕ್ಕಮಹಾದೇವಿ ಮಹಿಳಾ ವಿಶ್ವವಿದ್ಯಾನಿಲಯ ವಿಜಯಪುರ, ಜಿಲ್ಲಾ ಆಡಳಿತ ಹಾಗೂ ರಾಷ್ಟ್ರೀಯ ಸೇವಾ ಯೋಜನೆ ಘಟಕಗಳ ಸಂಯುಕ್ತಾಶ್ರಯದಲ್ಲಿ 2024-25 ನೇ ಸಾಲಿನ ರಾಷ್ಟ್ರೀಯ ಸೇವಾ ಯೋಜನೆಯ ವಿಶೇಷ ಶಿಬಿರವು ದಿನಾಂಕ 26.4.2025 ರಿಂದ 02.05.2025 ರವರೆಗೆ ಹಮ್ಮಿಕೊಳ್ಳಲಾಗಿತ್ತು. ಶಿಬಿರದ ಸಮಾರೋಪ ಸಮಾರಂಭದಲ್ಲಿ ಮುಖ್ಯ ಅತಿಥಿಗಳಾಗಿ ಆಗಮಿಸಿದ ಶ್ರೀ ಧರ್ಮರಾಜ್ ಅವರು ಶಿಬಿರಾರ್ಥಿಗಳನ್ನು ಉದ್ದೇಶಿಸಿ ಮಾತನಾಡಿ, ಎನ್.ಎಸ್.ಎಸ್ ಶಿಬಿರಗಳು ವಿದ್ಯಾರ್ಥಿನಿಯರಲ್ಲಿ ಸೇವಾ ಮನೋಭಾವ, ಶಿಸ್ತು ಹಾಗೂ ಸಾಮಾಜಿಕ ಜವಾಬ್ದಾರಿಯನ್ನು ಬೆಳೆಸುತ್ತವೆ ಎಂದರು. ಶಿಬಿರದ ಅವಧಿಯಲ್ಲಿ ಗ್ರಾಮ ಸ್ವಚ್ಛತೆ, ಆರೋಗ್ಯ ಜಾಗೃತಿ, ಸಾಕ್ಷರತೆ, ಪರಿಸರ ಸಂರಕ್ಷಣೆ ಮುಂತಾದ ವಿವಿಧ ಚಟುವಟಿಕೆಗಳನ್ನು ಹಮ್ಮಿಕೊಳ್ಳಲಾಗಿತ್ತು. ಎನ್.ಎಸ್.ಎಸ್ ಘಟಕ-I ಮತ್ತು ಘಟಕ-II ರ ಕಾರ್ಯಕ್ರಮ ಅಧಿಕಾರಿಗಳು, ಪ್ರಾಚಾರ್ಯರು, ಬೋಧಕ ಮತ್ತು ಬೋಧಕೇತರ ಸಿಬ್ಬಂದಿ ಹಾಗೂ ಶಿಬಿರಾರ್ಥಿ ವಿದ್ಯಾರ್ಥಿನಿಯರು ಉಪಸ್ಥಿತರಿದ್ದರು. ಶಿಬಿರಾರ್ಥಿಗಳು ತಮ್ಮ ಅನುಭವಗಳನ್ನು ಹಂಚಿಕೊಂಡರು. ವಂದನಾರ್ಪಣೆಯೊಂದಿಗೆ ಕಾರ್ಯಕ್ರಮ ಮುಕ್ತಾಯವಾಯಿತು.
ಜಿಲ್ಲೆಯಲ್ಲಿ ಸುಸೂತ್ರವಾಗಿ ಜರುಗಿದ ನೀಟ್ ಪರೀಕ್ಷೆ: 141 ವಿದ್ಯಾರ್ಥಿಗಳು ಗೈರು
ಚಿತ್ರದುರ್ಗ: ವೈದ್ಯಕೀಯ, ದಂತ ವೈದ್ಯಕೀಯ ಸೇರಿದಂತೆ ವೈದ್ಯಕೀಯ ಪದವಿ ಕೋರ್ಸ್‌ಗಳ ಪ್ರವೇಶಕ್ಕಾಗಿ ನ್ಯಾಷನಲ್ ಟೆಸ್ಟಿಂಗ್ ಏಜೆನ್ಸಿ ವತಿಯಿಂದ ಭಾನುವಾರದಂದು ಚಿತ್ರದುರ್ಗದಲ್ಲಿ ಜರುಗಿದ ನೀಟ್ ಪರೀಕ್ಷೆ ಸುಗಮವಾಗಿ ನೆರವೇರಿದ್ದು, ಒಟ್ಟು 141 ವಿದ್ಯಾರ್ಥಿಗಳು ಗೈರಾಗಿದ್ದಾರೆ. ನೀಟ್ ಪರೀಕ್ಷೆಗಾಗಿ ಜಿಲ್ಲೆಗೆ ಒಟ್ಟು 3019 ವಿದ್ಯಾರ್ಥಿಗಳನ್ನು ಹಂಚಿಕೆ ಮಾಡಲಾಗಿತ್ತು, ಇದಕ್ಕಾಗಿ ಒಟ್ಟು 06 ಪರೀಕ್ಷಾ ಕೇಂದ್ರಗಳನ್ನು ತೆರೆಯಲಾಗಿತ್ತು. ಭಾನುವಾರದಂದು ಮಧ್ಯಾಹ್ನ 02 ರಿಂದ ಸಂಜೆ 05 ಗಂಟೆಯವರೆಗೆ ನಡೆದ ಪರೀಕ್ಷೆಗೆ 3019 ವಿದ್ಯಾರ್ಥಿಗಳ ಪೈಕಿ 2878 ವಿದ್ಯಾರ್ಥಿಗಳು ಹಾಜರಾಗಿದ್ದು, 141 ವಿದ್ಯಾರ್ಥಿಗಳು ಗೈರಾಗಿದ್ದರು. ಜಿಲ್ಲೆಯಲ್ಲಿ ಪರೀಕ್ಷಾ ಕೇಂದ್ರಗಳ ಸುತ್ತ 200 ಮೀ. ವ್ಯಾಪ್ತಿಯಲ್ಲಿ ನಿಷೇಧಾಜ್ಞೆ ಜಾರಿಗೊಳಿಸಲಾಗಿತ್ತು ಹಾಗೂ ಝರಾಕ್ಸ್ ಅಂಗಡಿಗಳನ್ನು ಮುಚ್ಚಲು ಸೂಚಿಸಲಾಗಿತ್ತು. ಪರೀಕ್ಷಾ ಕೇಂದ್ರಗಳಲ್ಲಿ ಬಿಗಿ ಪೊಲೀಸ್ ಬಂದೋಬಸ್ತ್ ಕಲ್ಪಿಸಲಾಗಿತ್ತು. ಜಿಲ್ಲಾಧಿಕಾರಿ ಹಾಗೂ ಜಿಲ್ಲಾ ಪೊಲೀಸ್ ವರಿಷ್ಠಾಧಿಕಾರಿಗಳು ವಿವಿಧ ಪರೀಕ್ಷಾ ಕೇಂದ್ರಗಳಿಗೆ ಭೇಟಿ ನೀಡಿ ಪರಿಶೀಲನೆ ನಡೆಸಿದರು. ಯಾವುದೇ ಅಹಿತಕರ ಘಟನೆ ನಡೆಯದಂತೆ ಮುನ್ನೆಚ್ಚರಿಕೆ ವಹಿಸಲಾಗಿತ್ತು ಎಂದು ಜಿಲ್ಲಾಡಳಿತ ತಿಳಿಸಿದೆ.
ಡಿಪ್ಲೋಮಾ ಪ್ರವೇಶಕ್ಕಾಗಿ ಅರ್ಜಿ ಆಹ್ವಾನ
ದಾವಣಗೆರೆ: ಸರ್ಕಾರಿ ಉಪಕರಣಾಗಾರ ಮತ್ತು ತರಬೇತಿ ಕೇಂದ್ರ ಪರಿಸರದಲ್ಲಿ ಪ್ರಸಕ್ತ ಸಾಲಿನ ಡಿಪ್ಲೋಮಾ ಕೋರ್ಸ್‌ಗಳ ಪ್ರವೇಶಕ್ಕೆ ಅರ್ಜಿ ಆಹ್ವಾನಿಸಲಾಗಿದೆ. ಡಿಪ್ಲೋಮಾ ಇನ್ ಟೂಲ್ & ಡೈ ಮೇಕಿಂಗ್, ಡಿಪ್ಲೋಮಾ ಇನ್ ಆಟೋಮೇಷನ್ & ರೊಬೊಟಿಕ್ಸ್, ಡಿಪ್ಲೋಮಾ ಇನ್ ಎಲೆಕ್ಟ್ರಿಕಲ್ & ಎಲೆಕ್ಟ್ರಾನಿಕ್ಸ್ ಇಂಜಿನಿಯರಿಂಗ್ ಮತ್ತು ಡಿಪ್ಲೋಮಾ ಇನ್ ಪ್ರಿಸಿಷನ್ ಮ್ಯಾನುಫ್ಯಾಕ್ಚರಿಂಗ್ ಡಿಪ್ಲೋಮಾ ಕೋರ್ಸ್‌ಗಳು ಲಭ್ಯವಿದ್ದು, ಎಸ್.ಎಸ್.ಎಲ್.ಸಿ ಪಾಸಾದ ವಿದ್ಯಾರ್ಥಿಗಳು ಅರ್ಜಿ ಸಲ್ಲಿಸಬಹುದು. ಮೇ.15 ಅರ್ಜಿ ಸಲ್ಲಿಸಲು ಕೊನೆಯ ದಿನವಾಗಿರುತ್ತದೆ. ಹೆಚ್ಚಿನ ಮಾಹಿತಿಗಾಗಿ ಪ್ರಾಂಶುಪಾಲರು, ಸರ್ಕಾರಿ ಉಪಕರಣಾಗಾರ ಮತ್ತು ತರಬೇತಿ ಕೇಂದ್ರ, ಪ್ಲಾಟ್ ನಂ:22 ಸಿ & ಡಿ, ಕೆಐಎಡಿಬಿ, ಇಂಡಸ್ಟ್ರಿಯಲ್ ಏರಿಯಾ, ಕರ್ಲಾಪುರ, ಕೆ.ಎಸ್.ಆರ್.ಟಿ.ಸಿ ಡಿಪೋ ಹತ್ತಿರ ಹರಿಹರ-577602 ಎಂ.ಸಂ:9743185553, 9845941245 ನ್ನು ಸಂಪರ್ಕಿಸಲು ಪ್ರಾಂಶುಪಾಲರು ತಿಳಿಸಿದ್ದಾರೆ.
